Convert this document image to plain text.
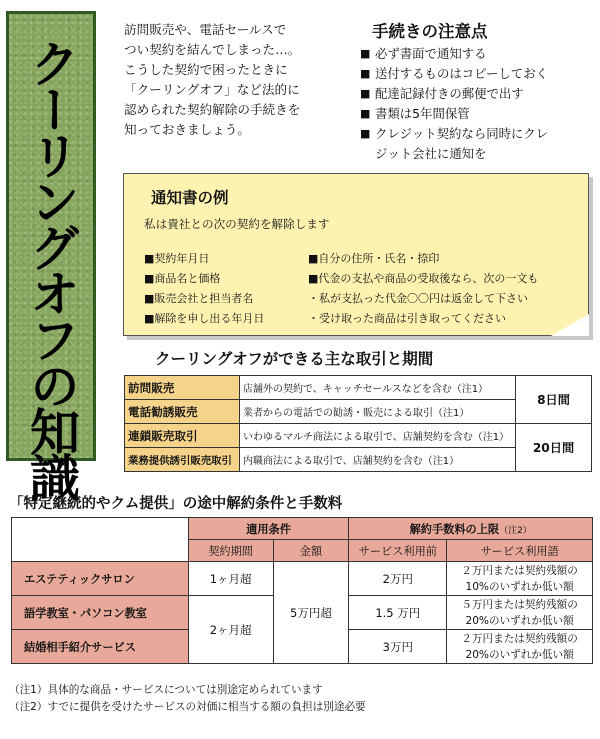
クーリングオフの知識
訪問販売や、電話セールスで
つい契約を結んでしまった…。
こうした契約で困ったときに
「クーリングオフ」など法的に
認められた契約解除の手続きを
知っておきましょう。
手続きの注意点
■ 必ず書面で通知する
■ 送付するものはコピーしておく
■ 配達記録付きの郵便で出す
■ 書類は5年間保管
■ クレジット契約なら同時にクレ
ジット会社に通知を
通知書の例
私は貴社との次の契約を解除します
■契約年月日	■自分の住所・氏名・捺印
■商品名と価格	■代金の支払や商品の受取後なら、次の一文も
■販売会社と担当者名	・私が支払った代金〇〇円は返金して下さい
■解除を申し出る年月日	・受け取った商品は引き取ってください
クーリングオフができる主な取引と期間
訪問販売	店舗外の契約で、キャッチセールスなどを含む（注1）	8日間
電話勧誘販売	業者からの電話での勧誘・販売による取引（注1）	
連鎖販売取引	いわゆるマルチ商法による取引で、店舗契約を含む（注1）	20日間
業務提供誘引販売取引	内職商法による取引で、店舗契約を含む（注1）	
「特定継続的やクム提供」の途中解約条件と手数料
	適用条件		解約手数料の上限（注2）	
	契約期間	金額	サービス利用前	サービス利用語
エステティックサロン	1ヶ月超	5万円超	2万円	２万円または契約残額の
10%のいずれか低い額
語学教室・パソコン教室	2ヶ月超		1.5 万円	５万円または契約残額の
20%のいずれか低い額
結婚相手紹介サービス			3万円	２万円または契約残額の
20%のいずれか低い額
（注1）具体的な商品・サービスについては別途定められています
（注2）すでに提供を受けたサービスの対価に相当する額の負担は別途必要
